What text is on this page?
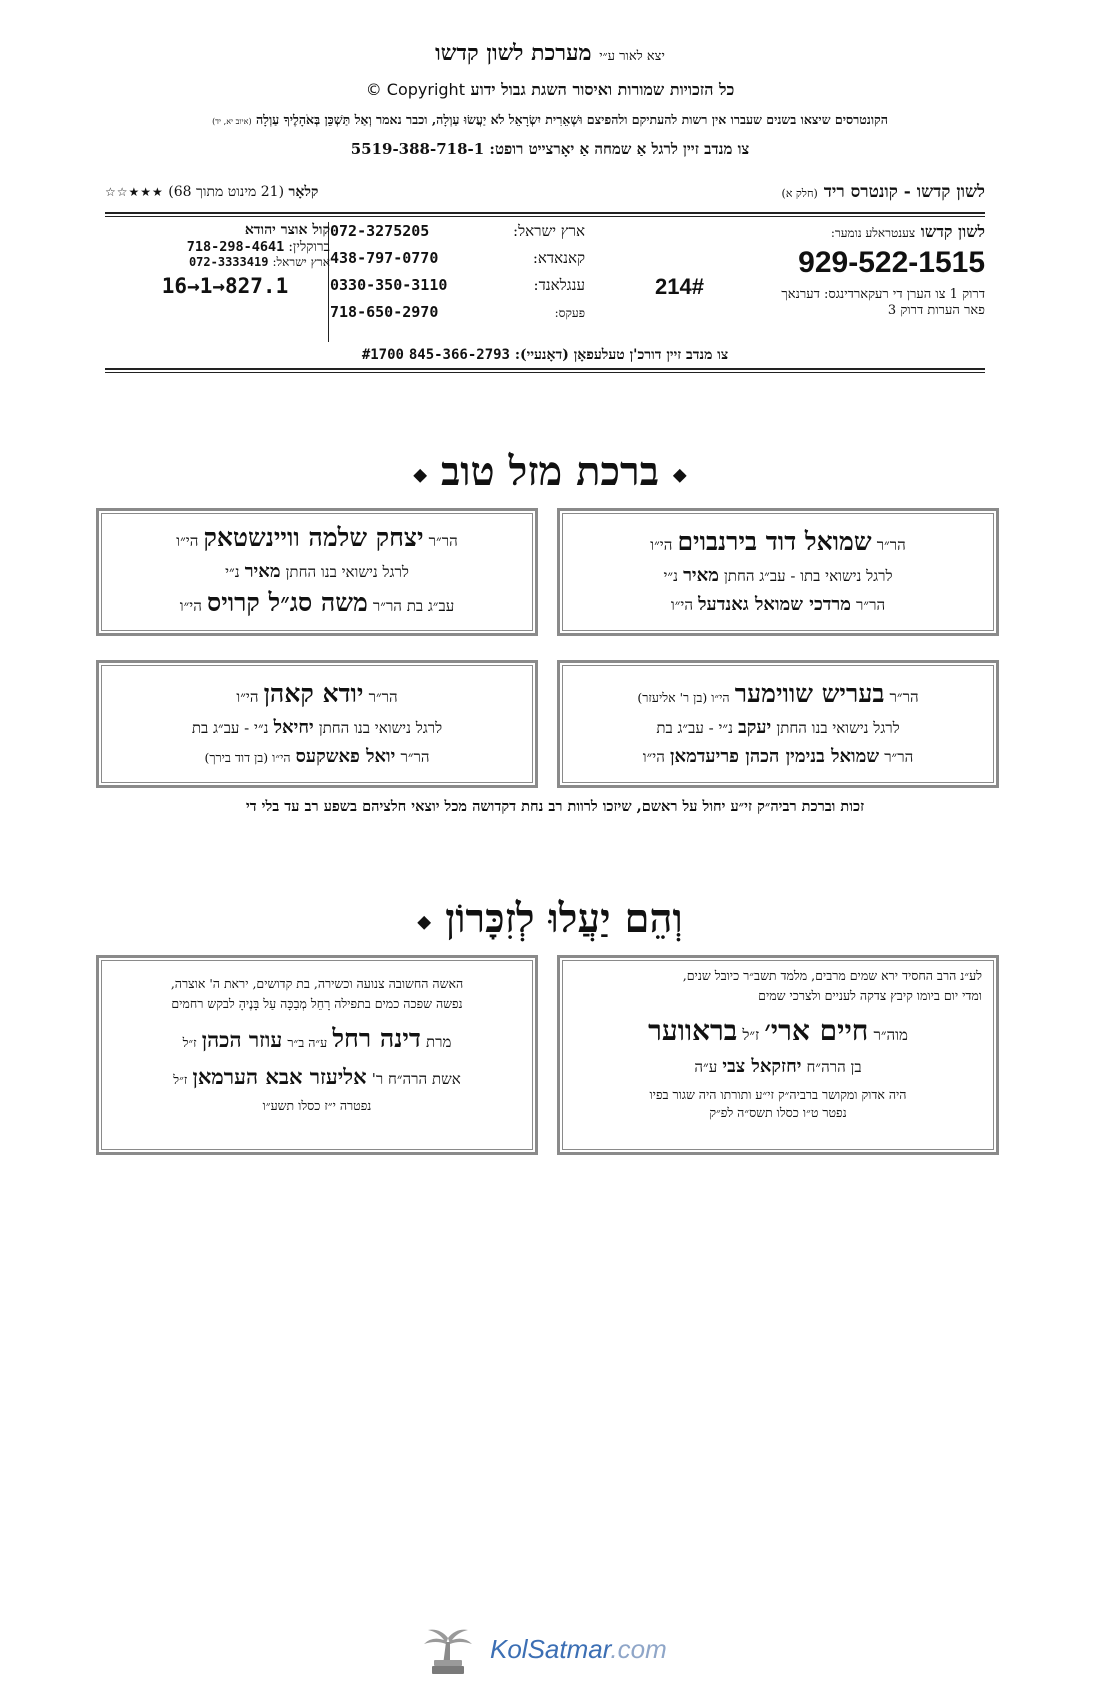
יצא לאור ע״י מערכת לשון קדשו
כל הזכויות שמורות ואיסור השגת גבול ידוע Copyright ©
הקונטרסים שיצאו בשנים שעברו אין רשות להעתיקם ולהפיצם וּשְׁאֵרִית יִשְׂרָאֵל לֹא יַעֲשׂוּ עַוְלָה, וכבר נאמר וְאַל תַּשְׁכֵּן בְּאֹהָלֶיךָ עַוְלָה (איוב יא, יד)
צו מנדב זיין לרגל אַ שמחה אַ יאָרצייט רופט: 5519-388-718-1
לשון קדשו - קונטרס ריד (חלק א)
קלאָר (21 מינוט מתוך 68) ★★★☆☆
לשון קדשו צענטראלע נומער:
929-522-1515
דרוק 1 צו הערן די רעקארדינגס: דערנאך
214#
פאר הערות דרוק 3
ארץ ישראל:
072-3275205
קאנאדא:
438-797-0770
ענגלאנד:
0330-350-3110
פעקס:
718-650-2970
קול אוצר יהודא
ברוקלין:
718-298-4641
ארץ ישראל:
072-3333419
16→1→827.1
צו מנדב זיין דורכ'ן טעלעפאָן (דאָנעיי): #1700 845-366-2793
◆ ברכת מזל טוב ◆
הר״ר שמואל דוד בירנבוים הי״ו
לרגל נישואי בתו - עב״ג החתן מאיר נ״י
הר״ר מרדכי שמואל גאנדעל הי״ו
הר״ר יצחק שלמה וויינשטאק הי״ו
לרגל נישואי בנו החתן מאיר נ״י
עב״ג בת הר״ר משה סג״ל קרויס הי״ו
הר״ר בעריש שווימער הי״ו (בן ר' אליעזר)
לרגל נישואי בנו החתן יעקב נ״י - עב״ג בת
הר״ר שמואל בנימין הכהן פריעדמאן הי״ו
הר״ר יודא קאהן הי״ו
לרגל נישואי בנו החתן יחיאל נ״י - עב״ג בת
הר״ר יואל פאשקעס הי״ו (בן דוד בירך)
זכות וברכת רביה״ק זי״ע יחול על ראשם, שיזכו לרוות רב נחת דקדושה מכל יוצאי חלציהם בשפע רב עד בלי די
וְהֵם יַעֲלוּ לְזִכָּרוֹן ◆
לע״נ הרב החסיד ירא שמים מרבים, מלמד תשב״ר כיובל שנים,
ומדי יום ביומו קיבץ צדקה לעניים ולצרכי שמים
מוה״ר חיים ארי׳ ז״ל בראווער
בן הרה״ח יחזקאל צבי ע״ה
היה אדוק ומקושר ברביה״ק זי״ע ותורתו היה שגור בפיו
נפטר ט״ו כסלו תשס״ה לפ״ק
האשה החשובה צנועה וכשירה, בת קדושים, יראת ה' אוצרה,
נפשה שפכה כמים בתפילה רָחֵל מְבַכָּה עַל בָּנֶיהָ לבקש רחמים
מרת דינה רחל ע״ה ב״ר עוזר הכהן ז״ל
אשת הרה״ח ר' אליעזר אבא הערמאן ז״ל
נפטרה י״ז כסלו תשע״ו
KolSatmar.com
